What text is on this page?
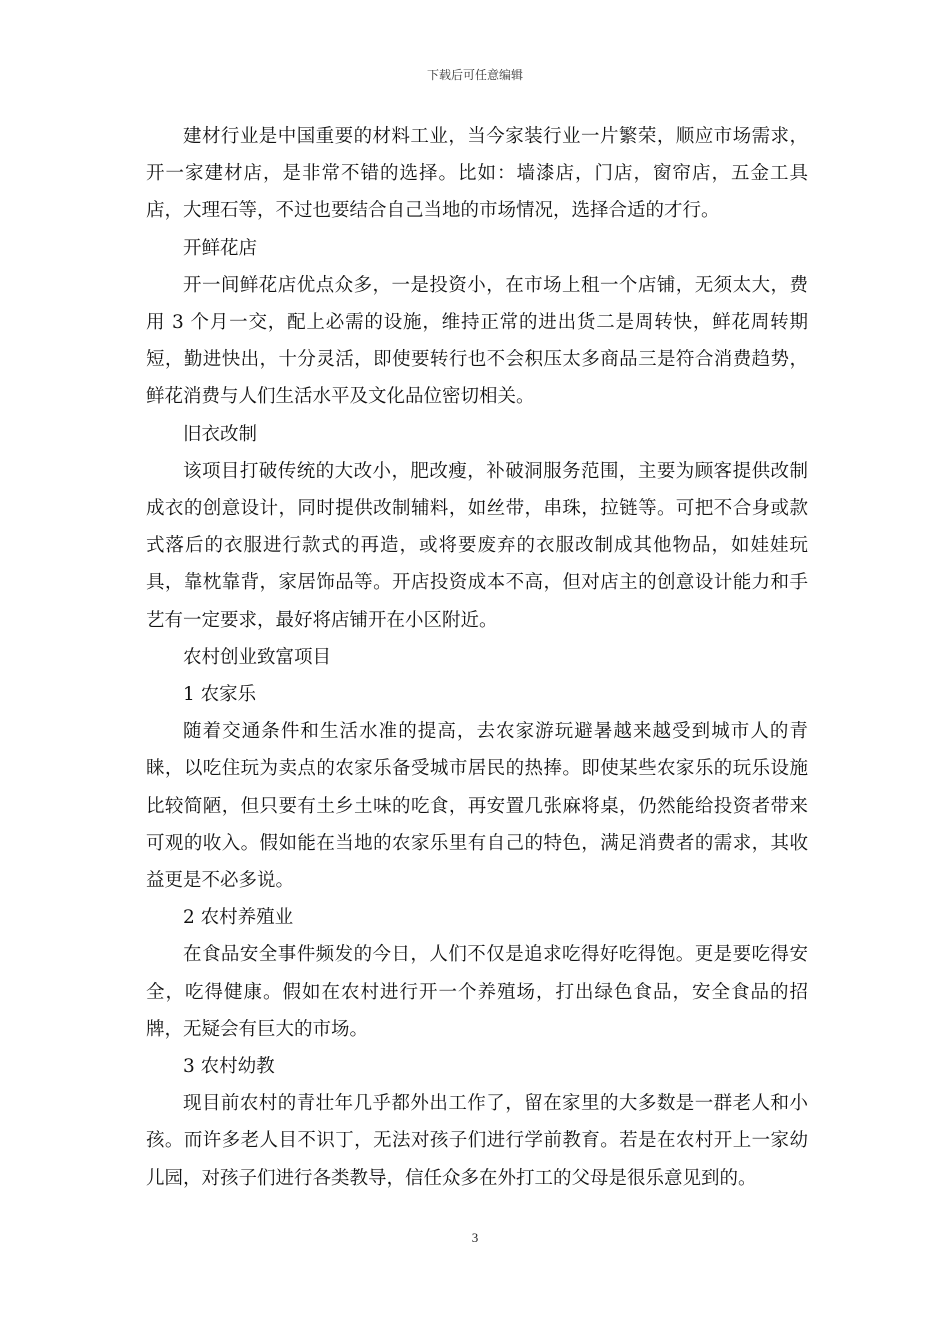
下载后可任意编辑

建材行业是中国重要的材料工业，当今家装行业一片繁荣，顺应市场需求，开一家建材店，是非常不错的选择。比如：墙漆店，门店，窗帘店，五金工具店，大理石等，不过也要结合自己当地的市场情况，选择合适的才行。

开鲜花店

开一间鲜花店优点众多，一是投资小，在市场上租一个店铺，无须太大，费用 3 个月一交，配上必需的设施，维持正常的进出货二是周转快，鲜花周转期短，勤进快出，十分灵活，即使要转行也不会积压太多商品三是符合消费趋势，鲜花消费与人们生活水平及文化品位密切相关。

旧衣改制

该项目打破传统的大改小，肥改瘦，补破洞服务范围，主要为顾客提供改制成衣的创意设计，同时提供改制辅料，如丝带，串珠，拉链等。可把不合身或款式落后的衣服进行款式的再造，或将要废弃的衣服改制成其他物品，如娃娃玩具，靠枕靠背，家居饰品等。开店投资成本不高，但对店主的创意设计能力和手艺有一定要求，最好将店铺开在小区附近。

农村创业致富项目

1 农家乐

随着交通条件和生活水准的提高，去农家游玩避暑越来越受到城市人的青睐，以吃住玩为卖点的农家乐备受城市居民的热捧。即使某些农家乐的玩乐设施比较简陋，但只要有土乡土味的吃食，再安置几张麻将桌，仍然能给投资者带来可观的收入。假如能在当地的农家乐里有自己的特色，满足消费者的需求，其收益更是不必多说。

2 农村养殖业

在食品安全事件频发的今日，人们不仅是追求吃得好吃得饱。更是要吃得安全，吃得健康。假如在农村进行开一个养殖场，打出绿色食品，安全食品的招牌，无疑会有巨大的市场。

3 农村幼教

现目前农村的青壮年几乎都外出工作了，留在家里的大多数是一群老人和小孩。而许多老人目不识丁，无法对孩子们进行学前教育。若是在农村开上一家幼儿园，对孩子们进行各类教导，信任众多在外打工的父母是很乐意见到的。

3
